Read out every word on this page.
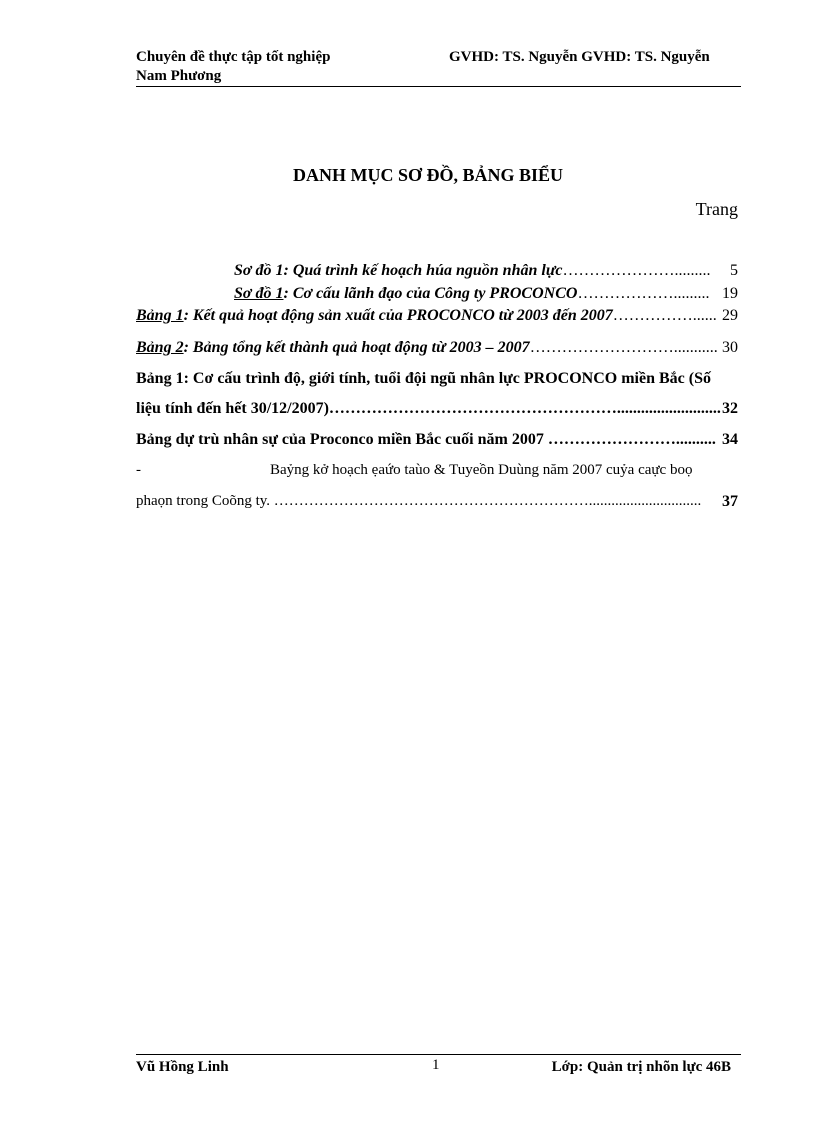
Chuyên đề thực tập tốt nghiệp
Nam Phương
GVHD: TS. Nguyễn GVHD: TS. Nguyễn
DANH MỤC SƠ ĐỒ, BẢNG BIỂU
Trang
Sơ đồ 1: Quá trình kế hoạch húa nguồn nhân lực…………………......... 5
Sơ đồ 1: Cơ cấu lãnh đạo của Công ty PROCONCO………………......... 19
Bảng 1: Kết quả hoạt động sản xuất của PROCONCO từ 2003 đến 2007……………...... 29
Bảng 2: Bảng tổng kết thành quả hoạt động từ 2003 – 2007………………………........... 30
Bảng 1: Cơ cấu trình độ, giới tính, tuổi đội ngũ nhân lực PROCONCO miền Bắc (Số
liệu tính đến hết 30/12/2007)……………………………………………….......................... 32
Bảng dự trù nhân sự của Proconco miền Bắc cuối năm 2007 …………………….......... 34
-	Baỷng kở hoạch ẹaứo taùo & Tuyeồn Duùng năm 2007 cuỷa caực boọ
phaọn trong Coõng ty. ……………………………………………………….............................. 37
Vũ Hồng Linh	1	Lớp: Quản trị nhõn lực 46B
